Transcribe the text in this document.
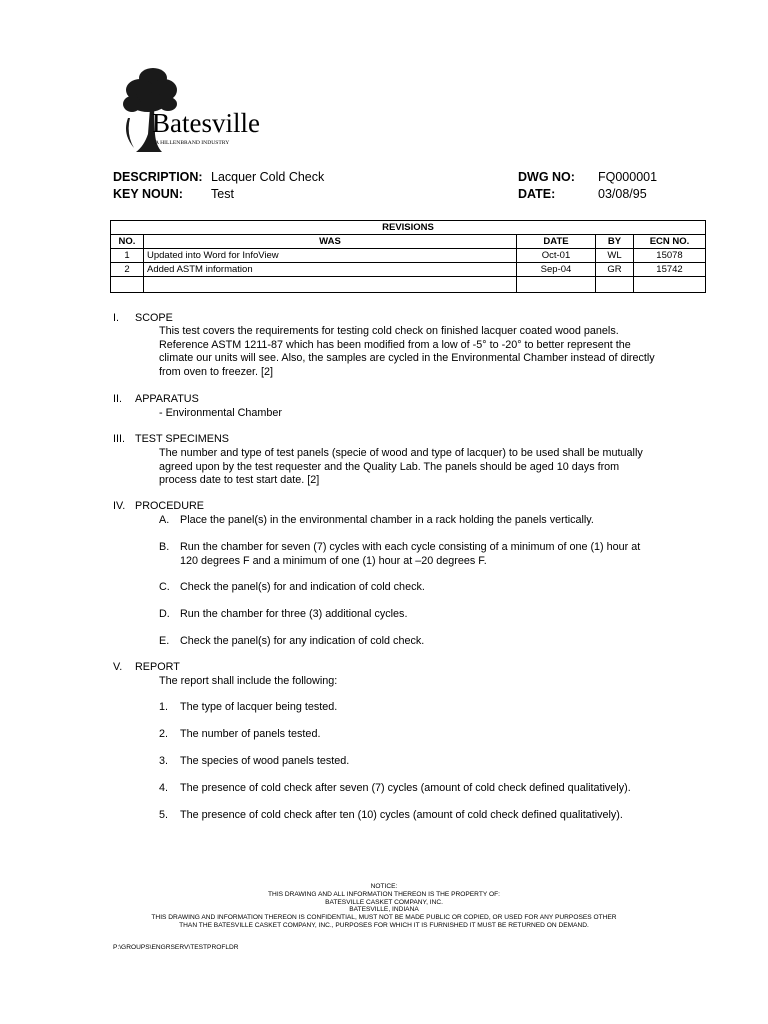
Batesville
A HILLENBRAND INDUSTRY
DESCRIPTION: Lacquer Cold Check
KEY NOUN: Test
DWG NO: FQ000001
DATE:	03/08/95
REVISIONS				
NO.	WAS	DATE	BY	ECN NO.
1	Updated into Word for InfoView	Oct-01	WL	15078
2	Added ASTM information	Sep-04	GR	15742

I. SCOPE
This test covers the requirements for testing cold check on finished lacquer coated wood panels. Reference ASTM 1211-87 which has been modified from a low of -5° to -20° to better represent the climate our units will see. Also, the samples are cycled in the Environmental Chamber instead of directly from oven to freezer. [2]
II. APPARATUS
- Environmental Chamber
III. TEST SPECIMENS
The number and type of test panels (specie of wood and type of lacquer) to be used shall be mutually agreed upon by the test requester and the Quality Lab. The panels should be aged 10 days from process date to test start date. [2]
IV. PROCEDURE
A. Place the panel(s) in the environmental chamber in a rack holding the panels vertically.
B. Run the chamber for seven (7) cycles with each cycle consisting of a minimum of one (1) hour at 120 degrees F and a minimum of one (1) hour at –20 degrees F.
C. Check the panel(s) for and indication of cold check.
D. Run the chamber for three (3) additional cycles.
E. Check the panel(s) for any indication of cold check.
V. REPORT
The report shall include the following:
1. The type of lacquer being tested.
2. The number of panels tested.
3. The species of wood panels tested.
4. The presence of cold check after seven (7) cycles (amount of cold check defined qualitatively).
5. The presence of cold check after ten (10) cycles (amount of cold check defined qualitatively).
NOTICE:
THIS DRAWING AND ALL INFORMATION THEREON IS THE PROPERTY OF:
BATESVILLE CASKET COMPANY, INC.
BATESVILLE, INDIANA
THIS DRAWING AND INFORMATION THEREON IS CONFIDENTIAL, MUST NOT BE MADE PUBLIC OR COPIED, OR USED FOR ANY PURPOSES OTHER
THAN THE BATESVILLE CASKET COMPANY, INC., PURPOSES FOR WHICH IT IS FURNISHED IT MUST BE RETURNED ON DEMAND.
P:\GROUPS\ENGRSERV\TESTPROFLDR
